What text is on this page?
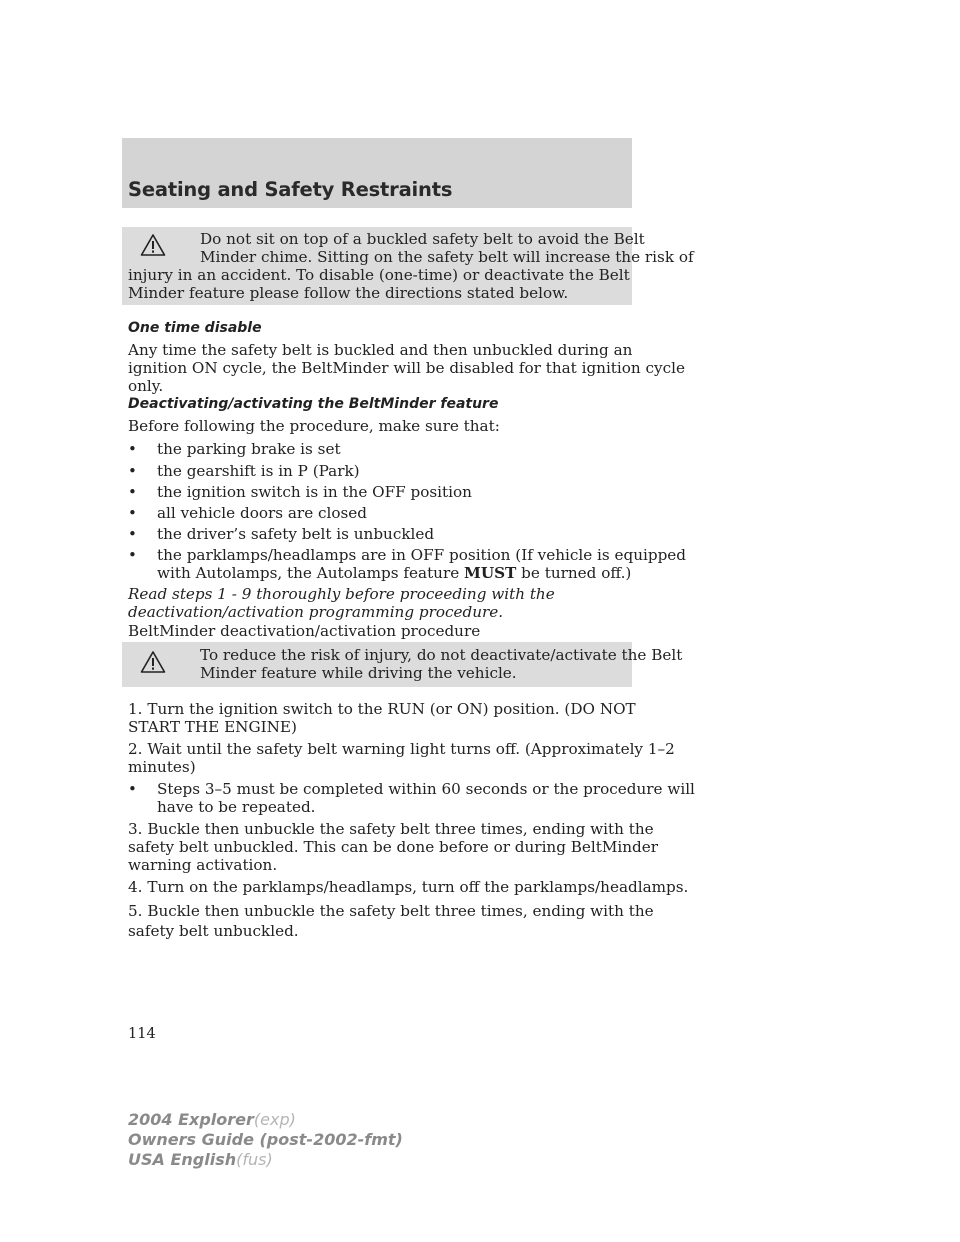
Seating and Safety Restraints
Do not sit on top of a buckled safety belt to avoid the Belt
Minder chime. Sitting on the safety belt will increase the risk of
injury in an accident. To disable (one-time) or deactivate the Belt
Minder feature please follow the directions stated below.
One time disable
Any time the safety belt is buckled and then unbuckled during an
ignition ON cycle, the BeltMinder will be disabled for that ignition cycle
only.
Deactivating/activating the BeltMinder feature
Before following the procedure, make sure that:
• the parking brake is set
• the gearshift is in P (Park)
• the ignition switch is in the OFF position
• all vehicle doors are closed
• the driver’s safety belt is unbuckled
• the parklamps/headlamps are in OFF position (If vehicle is equipped
with Autolamps, the Autolamps feature MUST be turned off.)
Read steps 1 - 9 thoroughly before proceeding with the
deactivation/activation programming procedure.
BeltMinder deactivation/activation procedure
To reduce the risk of injury, do not deactivate/activate the Belt
Minder feature while driving the vehicle.
1. Turn the ignition switch to the RUN (or ON) position. (DO NOT
START THE ENGINE)
2. Wait until the safety belt warning light turns off. (Approximately 1–2
minutes)
• Steps 3–5 must be completed within 60 seconds or the procedure will
have to be repeated.
3. Buckle then unbuckle the safety belt three times, ending with the
safety belt unbuckled. This can be done before or during BeltMinder
warning activation.
4. Turn on the parklamps/headlamps, turn off the parklamps/headlamps.
5. Buckle then unbuckle the safety belt three times, ending with the
safety belt unbuckled.
114
2004 Explorer(exp)
Owners Guide (post-2002-fmt)
USA English(fus)
